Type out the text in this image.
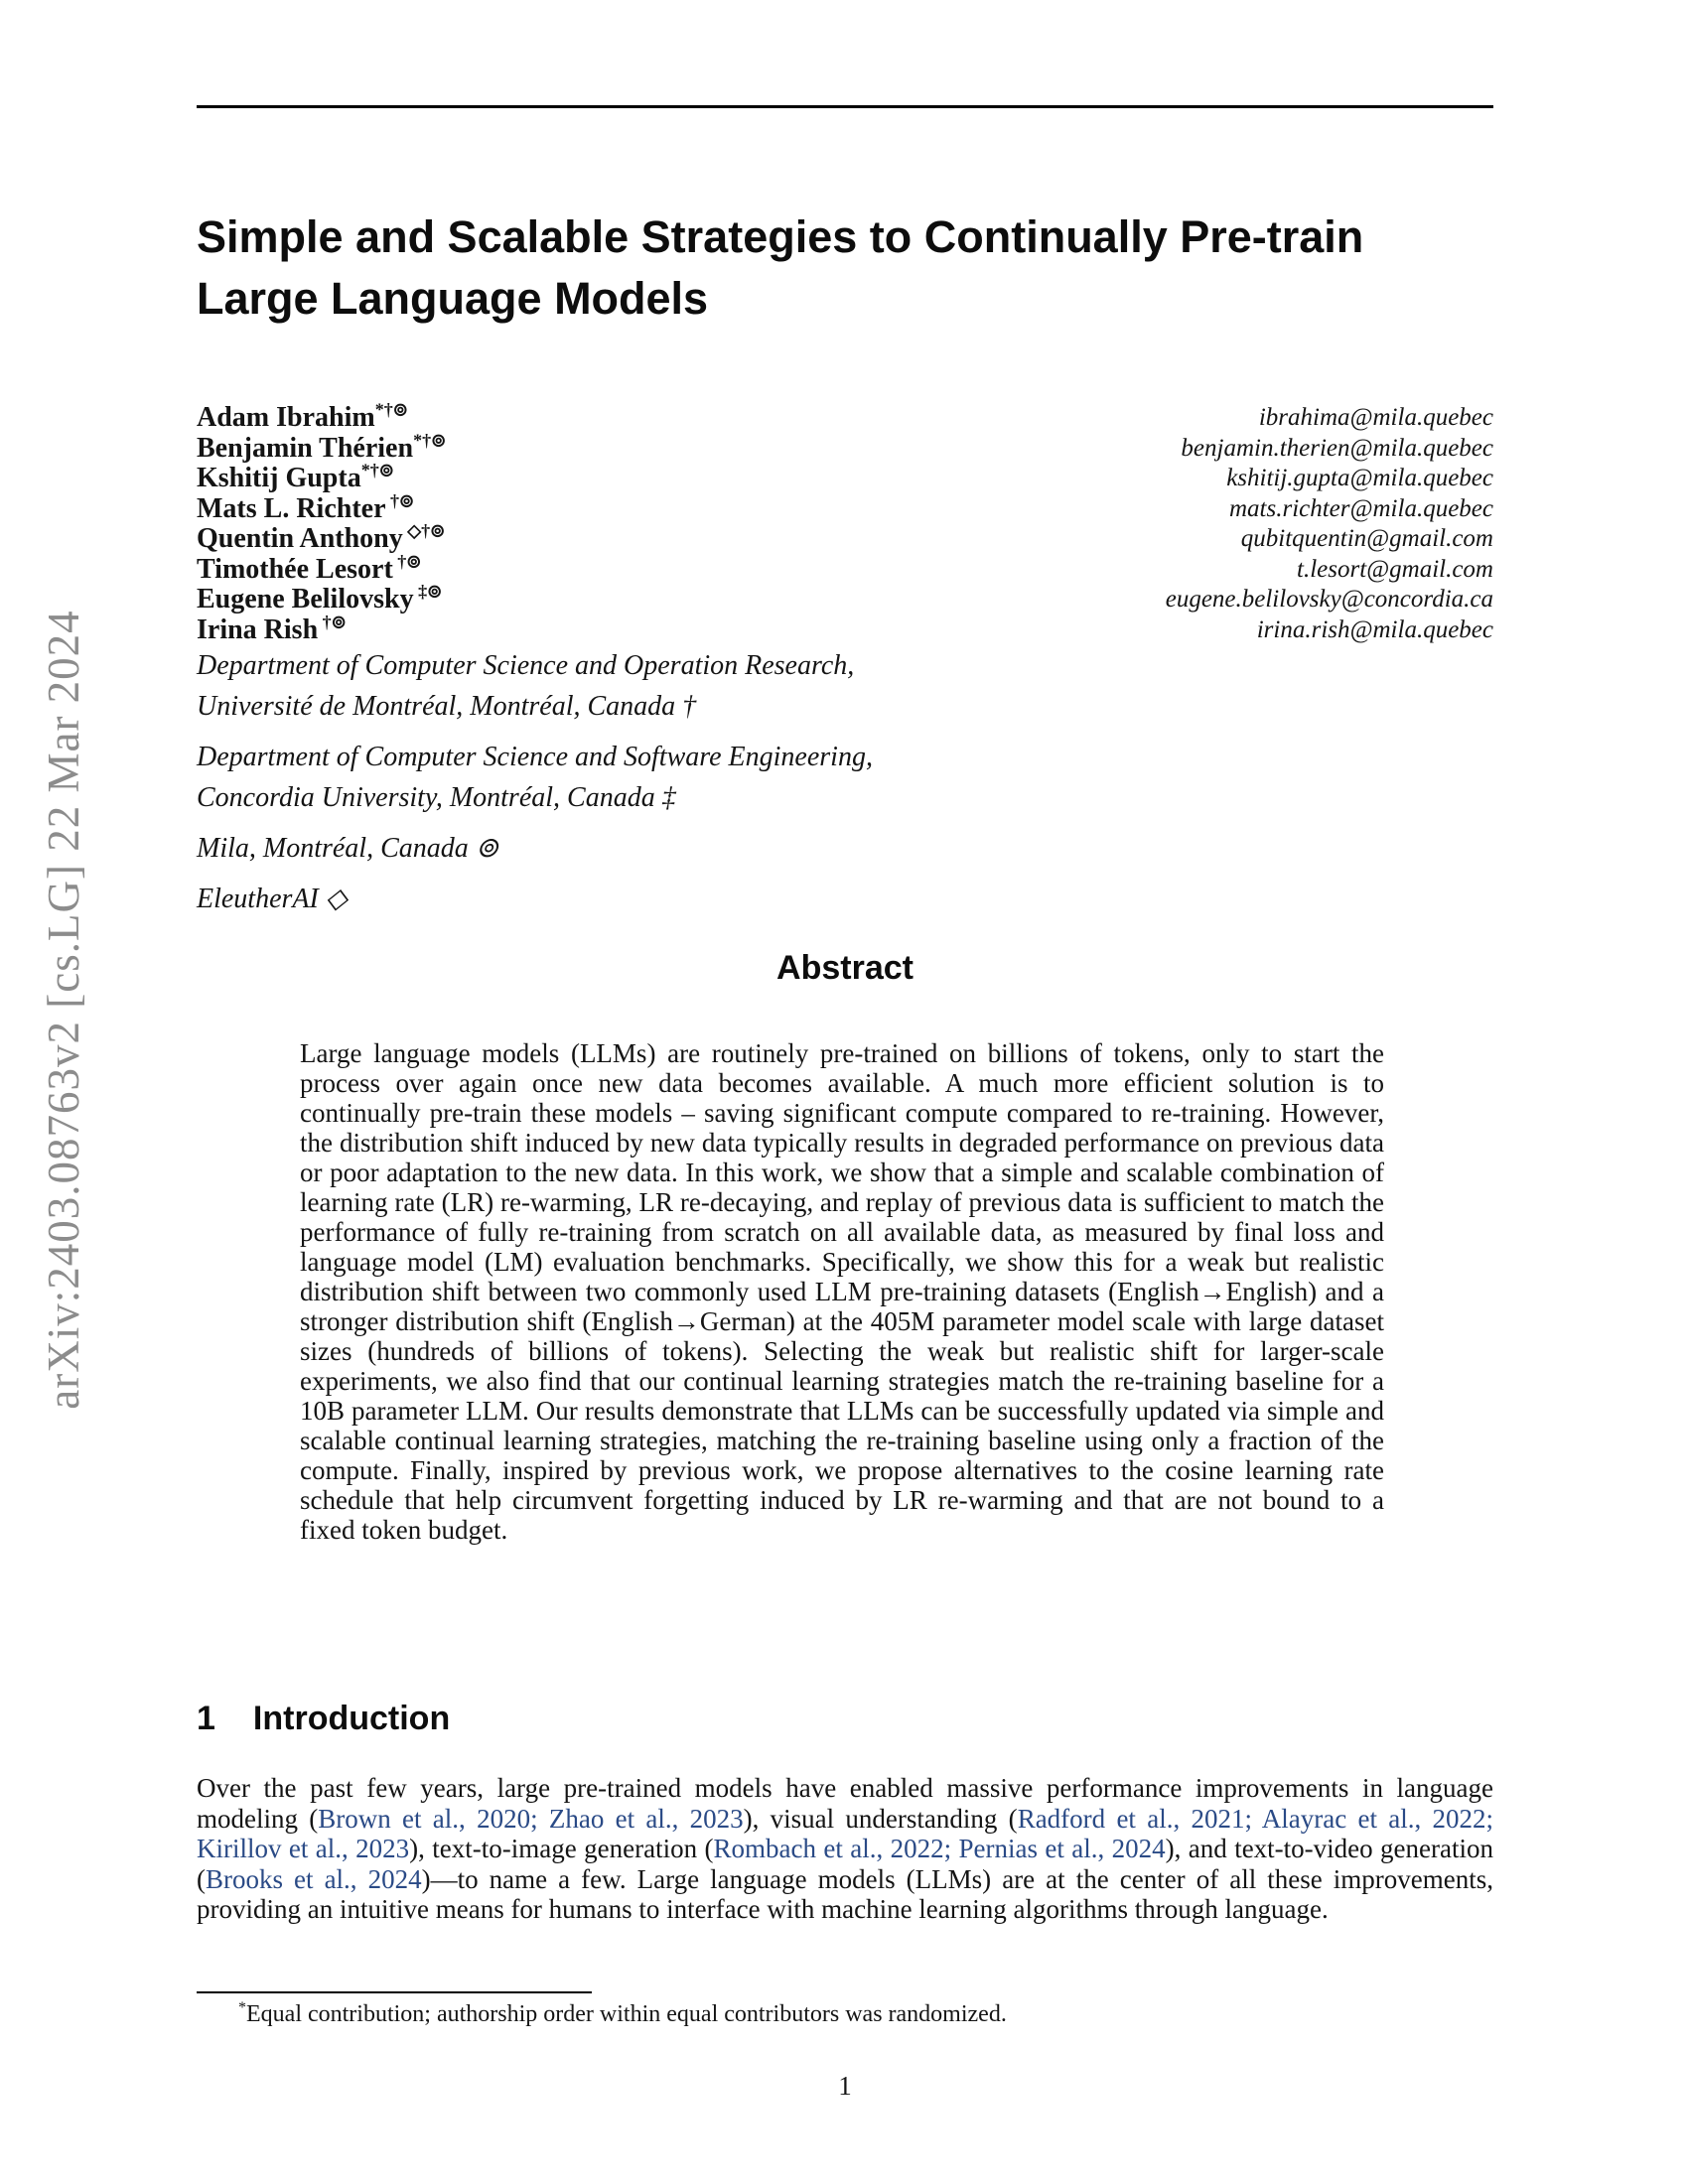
arXiv:2403.08763v2 [cs.LG] 22 Mar 2024
Simple and Scalable Strategies to Continually Pre-train
Large Language Models
Adam Ibrahim*†⊚
Benjamin Thérien*†⊚
Kshitij Gupta*†⊚
Mats L. Richter †⊚
Quentin Anthony ◇†⊚
Timothée Lesort †⊚
Eugene Belilovsky ‡⊚
Irina Rish †⊚
ibrahima@mila.quebec
benjamin.therien@mila.quebec
kshitij.gupta@mila.quebec
mats.richter@mila.quebec
qubitquentin@gmail.com
t.lesort@gmail.com
eugene.belilovsky@concordia.ca
irina.rish@mila.quebec
Department of Computer Science and Operation Research,
Université de Montréal, Montréal, Canada †
Department of Computer Science and Software Engineering,
Concordia University, Montréal, Canada ‡
Mila, Montréal, Canada ⊚
EleutherAI ◇
Abstract

Large language models (LLMs) are routinely pre-trained on billions of tokens, only to start the process over again once new data becomes available. A much more efficient solution is to continually pre-train these models – saving significant compute compared to re-training. However, the distribution shift induced by new data typically results in degraded performance on previous data or poor adaptation to the new data. In this work, we show that a simple and scalable combination of learning rate (LR) re-warming, LR re-decaying, and replay of previous data is sufficient to match the performance of fully re-training from scratch on all available data, as measured by final loss and language model (LM) evaluation benchmarks. Specifically, we show this for a weak but realistic distribution shift between two commonly used LLM pre-training datasets (English→English) and a stronger distribution shift (English→German) at the 405M parameter model scale with large dataset sizes (hundreds of billions of tokens). Selecting the weak but realistic shift for larger-scale experiments, we also find that our continual learning strategies match the re-training baseline for a 10B parameter LLM. Our results demonstrate that LLMs can be successfully updated via simple and scalable continual learning strategies, matching the re-training baseline using only a fraction of the compute. Finally, inspired by previous work, we propose alternatives to the cosine learning rate schedule that help circumvent forgetting induced by LR re-warming and that are not bound to a fixed token budget.

1 Introduction

Over the past few years, large pre-trained models have enabled massive performance improvements in language modeling (Brown et al., 2020; Zhao et al., 2023), visual understanding (Radford et al., 2021; Alayrac et al., 2022; Kirillov et al., 2023), text-to-image generation (Rombach et al., 2022; Pernias et al., 2024), and text-to-video generation (Brooks et al., 2024)—to name a few. Large language models (LLMs) are at the center of all these improvements, providing an intuitive means for humans to interface with machine learning algorithms through language.

*Equal contribution; authorship order within equal contributors was randomized.

1
